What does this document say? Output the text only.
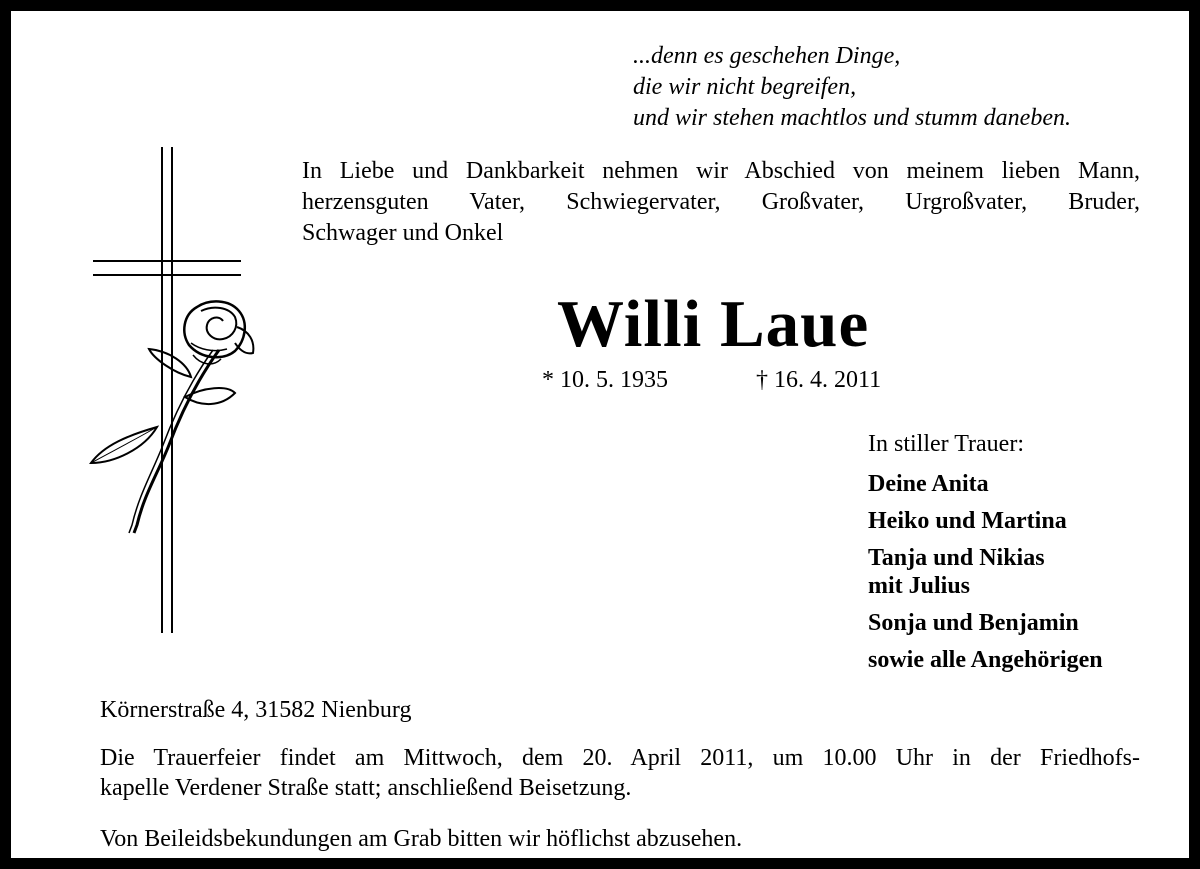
...denn es geschehen Dinge,
die wir nicht begreifen,
und wir stehen machtlos und stumm daneben.
In Liebe und Dankbarkeit nehmen wir Abschied von meinem lieben Mann,
herzensguten Vater, Schwiegervater, Großvater, Urgroßvater, Bruder,
Schwager und Onkel
Willi Laue
* 10. 5. 1935	† 16. 4. 2011
In stiller Trauer:
Deine Anita
Heiko und Martina
Tanja und Nikias
mit Julius
Sonja und Benjamin
sowie alle Angehörigen
Körnerstraße 4, 31582 Nienburg
Die Trauerfeier findet am Mittwoch, dem 20. April 2011, um 10.00 Uhr in der Friedhofs-
kapelle Verdener Straße statt; anschließend Beisetzung.
Von Beileidsbekundungen am Grab bitten wir höflichst abzusehen.
